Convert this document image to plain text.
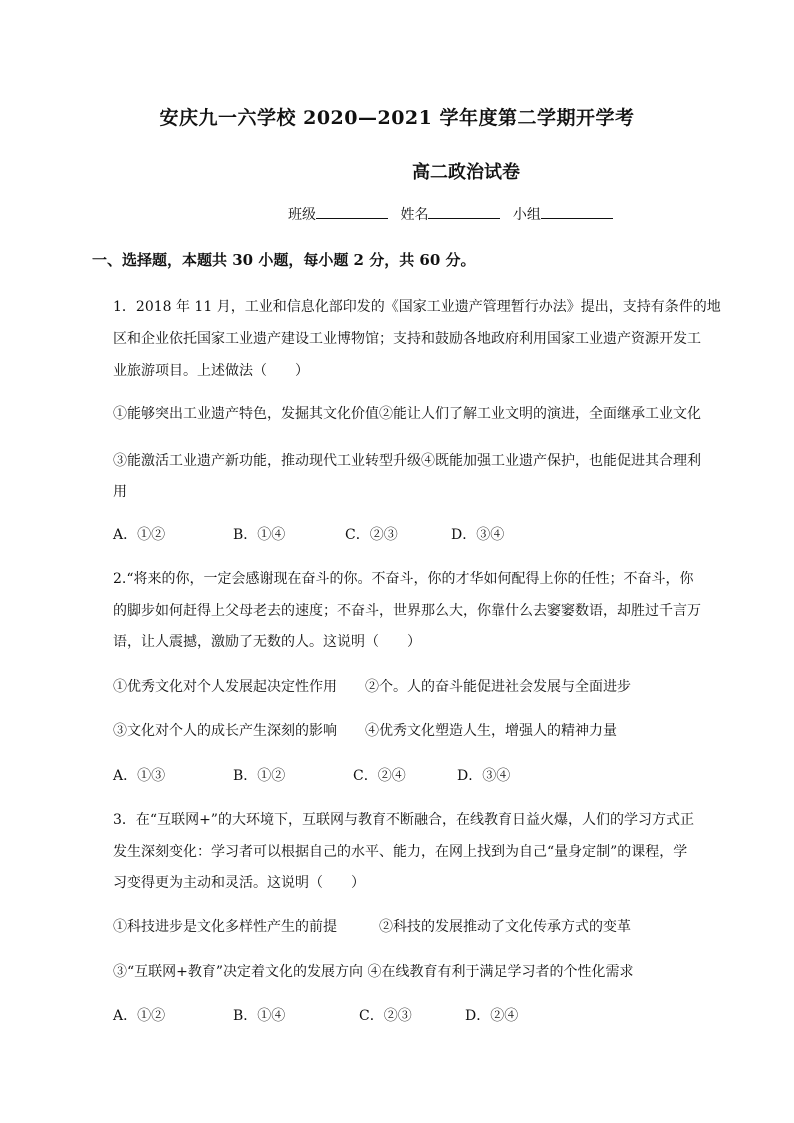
安庆九一六学校 2020—2021 学年度第二学期开学考
高二政治试卷
班级	姓名	小组
一、选择题，本题共 30 小题，每小题 2 分，共 60 分。
1．2018 年 11 月，工业和信息化部印发的《国家工业遗产管理暂行办法》提出，支持有条件的地
区和企业依托国家工业遗产建设工业博物馆；支持和鼓励各地政府利用国家工业遗产资源开发工
业旅游项目。上述做法（　　）
①能够突出工业遗产特色，发掘其文化价值②能让人们了解工业文明的演进，全面继承工业文化
③能激活工业遗产新功能，推动现代工业转型升级④既能加强工业遗产保护，也能促进其合理利
用
A．①②	B．①④	C．②③	D．③④
2.“将来的你，一定会感谢现在奋斗的你。不奋斗，你的才华如何配得上你的任性；不奋斗，你
的脚步如何赶得上父母老去的速度；不奋斗，世界那么大，你靠什么去窭窭数语，却胜过千言万
语，让人震撼，激励了无数的人。这说明（　　）
①优秀文化对个人发展起决定性作用　　②个。人的奋斗能促进社会发展与全面进步
③文化对个人的成长产生深刻的影响　　④优秀文化塑造人生，增强人的精神力量
A．①③	B．①②	C．②④	D．③④
3．在“互联网+”的大环境下，互联网与教育不断融合，在线教育日益火爆，人们的学习方式正
发生深刻变化：学习者可以根据自己的水平、能力，在网上找到为自己“量身定制”的课程，学
习变得更为主动和灵活。这说明（　　）
①科技进步是文化多样性产生的前提　　　②科技的发展推动了文化传承方式的变革
③“互联网+教育”决定着文化的发展方向 ④在线教育有利于满足学习者的个性化需求
A．①②	B．①④	C．②③	D．②④
